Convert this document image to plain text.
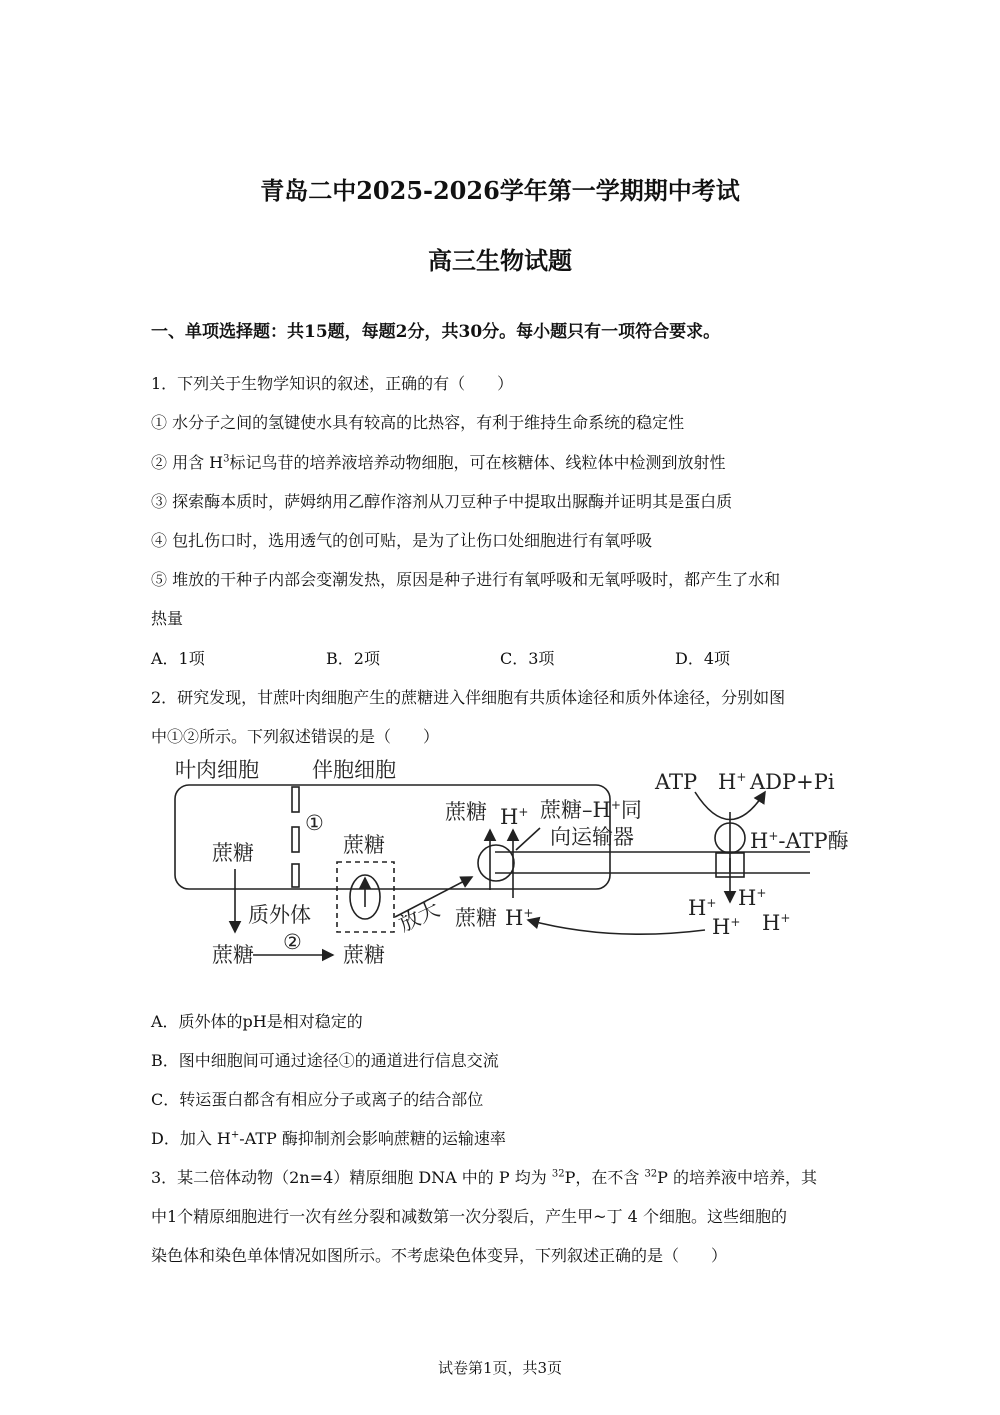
青岛二中2025-2026学年第一学期期中考试
高三生物试题
一、单项选择题：共15题，每题2分，共30分。每小题只有一项符合要求。
1．下列关于生物学知识的叙述，正确的有（　　）
① 水分子之间的氢键使水具有较高的比热容，有利于维持生命系统的稳定性
② 用含 $H^3$标记鸟苷的培养液培养动物细胞，可在核糖体、线粒体中检测到放射性
③ 探索酶本质时，萨姆纳用乙醇作溶剂从刀豆种子中提取出脲酶并证明其是蛋白质
④ 包扎伤口时，选用透气的创可贴，是为了让伤口处细胞进行有氧呼吸
⑤ 堆放的干种子内部会变潮发热，原因是种子进行有氧呼吸和无氧呼吸时，都产生了水和
热量
A．1项	B．2项	C．3项	D．4项
2．研究发现，甘蔗叶肉细胞产生的蔗糖进入伴细胞有共质体途径和质外体途径，分别如图
中①②所示。下列叙述错误的是（　　）
叶肉细胞	伴胞细胞
①
蔗糖	蔗糖
质外体
②
蔗糖	蔗糖
放大
蔗糖 H+ 蔗糖–H+同
向运输器
蔗糖 H+
ATP H+ ADP+Pi
H+-ATP酶
H+ H+
H+ H+
A．质外体的pH是相对稳定的
B．图中细胞间可通过途径①的通道进行信息交流
C．转运蛋白都含有相应分子或离子的结合部位
D．加入 H+-ATP 酶抑制剂会影响蔗糖的运输速率
3．某二倍体动物（2n=4）精原细胞 DNA 中的 P 均为 $^{32}$P，在不含 $^{32}$P 的培养液中培养，其
中1个精原细胞进行一次有丝分裂和减数第一次分裂后，产生甲~丁 4 个细胞。这些细胞的
染色体和染色单体情况如图所示。不考虑染色体变异，下列叙述正确的是（　　）
试卷第1页，共3页
